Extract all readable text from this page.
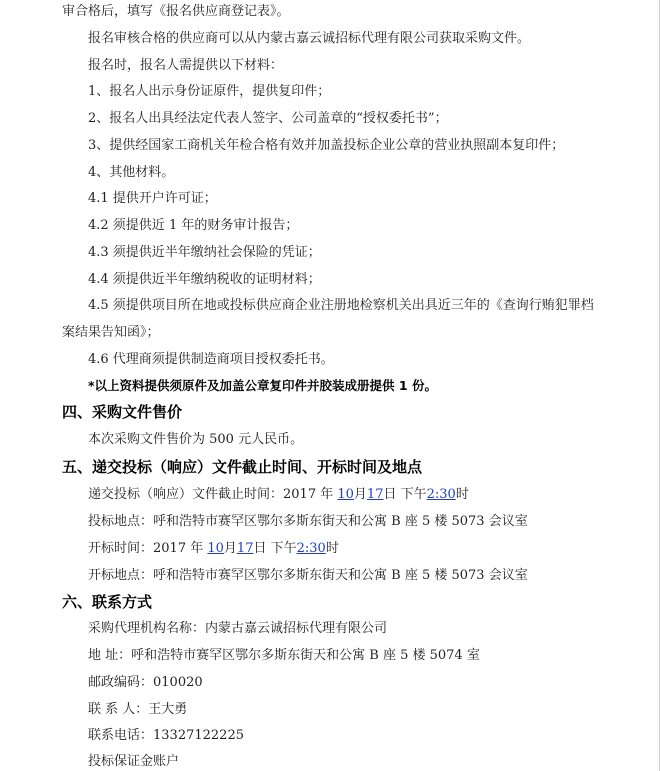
审合格后，填写《报名供应商登记表》。
报名审核合格的供应商可以从内蒙古嘉云诚招标代理有限公司获取采购文件。
报名时，报名人需提供以下材料：
1、报名人出示身份证原件，提供复印件；
2、报名人出具经法定代表人签字、公司盖章的“授权委托书”；
3、提供经国家工商机关年检合格有效并加盖投标企业公章的营业执照副本复印件；
4、其他材料。
4.1 提供开户许可证；
4.2 须提供近 1 年的财务审计报告；
4.3 须提供近半年缴纳社会保险的凭证；
4.4 须提供近半年缴纳税收的证明材料；
4.5 须提供项目所在地或投标供应商企业注册地检察机关出具近三年的《查询行贿犯罪档
案结果告知函》；
4.6 代理商须提供制造商项目授权委托书。
*以上资料提供须原件及加盖公章复印件并胶装成册提供 1 份。
四、采购文件售价
本次采购文件售价为 500 元人民币。
五、递交投标（响应）文件截止时间、开标时间及地点
递交投标（响应）文件截止时间：2017 年 10月17日 下午2:30时
投标地点：呼和浩特市赛罕区鄂尔多斯东街天和公寓 B 座 5 楼 5073 会议室
开标时间：2017 年 10月17日 下午2:30时
开标地点：呼和浩特市赛罕区鄂尔多斯东街天和公寓 B 座 5 楼 5073 会议室
六、联系方式
采购代理机构名称：内蒙古嘉云诚招标代理有限公司
地 址：呼和浩特市赛罕区鄂尔多斯东街天和公寓 B 座 5 楼 5074 室
邮政编码：010020
联 系 人：王大勇
联系电话：13327122225
投标保证金账户
